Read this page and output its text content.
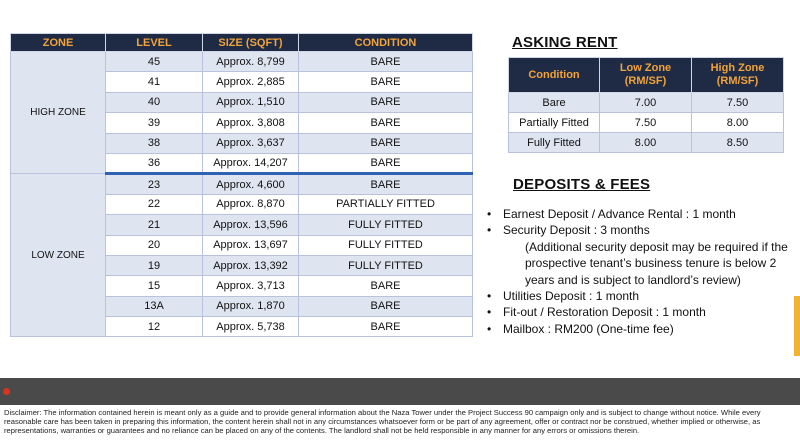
ZONE	LEVEL	SIZE (SQFT)	CONDITION
HIGH ZONE	45	Approx. 8,799	BARE
	41	Approx. 2,885	BARE
	40	Approx. 1,510	BARE
	39	Approx. 3,808	BARE
	38	Approx. 3,637	BARE
	36	Approx. 14,207	BARE
LOW ZONE	23	Approx. 4,600	BARE
	22	Approx. 8,870	PARTIALLY FITTED
	21	Approx. 13,596	FULLY FITTED
	20	Approx. 13,697	FULLY FITTED
	19	Approx. 13,392	FULLY FITTED
	15	Approx. 3,713	BARE
	13A	Approx. 1,870	BARE
	12	Approx. 5,738	BARE
ASKING RENT
Condition	Low Zone (RM/SF)	High Zone (RM/SF)
Bare	7.00	7.50
Partially Fitted	7.50	8.00
Fully Fitted	8.00	8.50
DEPOSITS & FEES
• Earnest Deposit / Advance Rental : 1 month
• Security Deposit : 3 months
(Additional security deposit may be required if the prospective tenant’s business tenure is below 2 years and is subject to landlord’s review)
• Utilities Deposit : 1 month
• Fit-out / Restoration Deposit : 1 month
• Mailbox : RM200 (One-time fee)
Disclaimer: The information contained herein is meant only as a guide and to provide general information about the Naza Tower under the Project Success 90 campaign only and is subject to change without notice. While every reasonable care has been taken in preparing this information, the content herein shall not in any circumstances whatsoever form or be part of any agreement, offer or contract nor be construed, whether implied or otherwise, as representations, warranties or guarantees and no reliance can be placed on any of the contents. The landlord shall not be held responsible in any manner for any errors or omissions therein.
